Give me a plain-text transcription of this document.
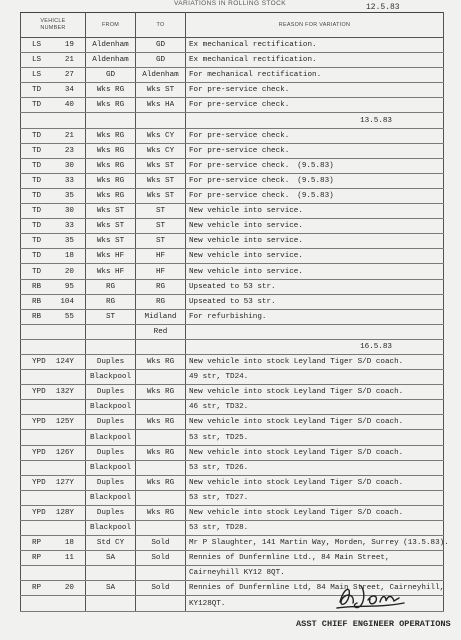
VARIATIONS IN ROLLING STOCK	12.5.83
VEHICLE
NUMBER	FROM	TO	REASON FOR VARIATION

LS 19	Aldenham	GD	Ex mechanical rectification.

LS 21	Aldenham	GD	Ex mechanical rectification.

LS 27	GD	Aldenham	For mechanical rectification.

TD 34	Wks RG	Wks ST	For pre-service check.

TD 40	Wks RG	Wks HA	For pre-service check.

			13.5.83

TD 21	Wks RG	Wks CY	For pre-service check.

TD 23	Wks RG	Wks CY	For pre-service check.

TD 30	Wks RG	Wks ST	For pre-service check. (9.5.83)

TD 33	Wks RG	Wks ST	For pre-service check. (9.5.83)

TD 35	Wks RG	Wks ST	For pre-service check. (9.5.83)

TD 30	Wks ST	ST	New vehicle into service.

TD 33	Wks ST	ST	New vehicle into service.

TD 35	Wks ST	ST	New vehicle into service.

TD 18	Wks HF	HF	New vehicle into service.

TD 20	Wks HF	HF	New vehicle into service.

RB 95	RG	RG	Upseated to 53 str.

RB 104	RG	RG	Upseated to 53 str.

RB 55	ST	Midland	For refurbishing.

		Red	

			16.5.83

YPD 124Y	Duples	Wks RG	New vehicle into stock Leyland Tiger S/D coach.

	Blackpool		49 str, TD24.

YPD 132Y	Duples	Wks RG	New vehicle into stock Leyland Tiger S/D coach.

	Blackpool		46 str, TD32.

YPD 125Y	Duples	Wks RG	New vehicle into stock Leyland Tiger S/D coach.

	Blackpool		53 str, TD25.

YPD 126Y	Duples	Wks RG	New vehicle into stock Leyland Tiger S/D coach.

	Blackpool		53 str, TD26.

YPD 127Y	Duples	Wks RG	New vehicle into stock Leyland Tiger S/D coach.

	Blackpool		53 str, TD27.

YPD 128Y	Duples	Wks RG	New vehicle into stock Leyland Tiger S/D coach.

	Blackpool		53 str, TD28.

RP 18	Std CY	Sold	Mr P Slaughter, 141 Martin Way, Morden, Surrey (13.5.83).

RP 11	SA	Sold	Rennies of Dunfermline Ltd., 84 Main Street,

			Cairneyhill KY12 8QT.

RP 20	SA	Sold	Rennies of Dunfermline Ltd, 84 Main Street, Cairneyhill,

			KY128QT.
ASST CHIEF ENGINEER OPERATIONS
